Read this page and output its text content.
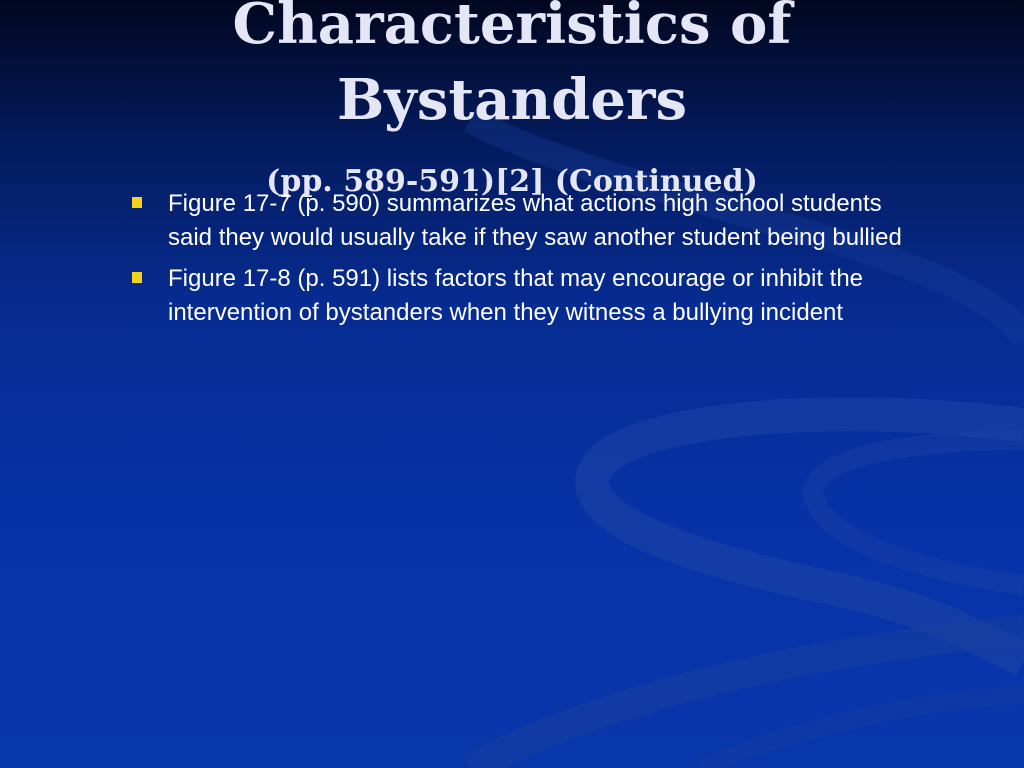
Characteristics of
Bystanders
(pp. 589-591)[2] (Continued)
Figure 17-7 (p. 590) summarizes what actions high school students said they would usually take if they saw another student being bullied
Figure 17-8 (p. 591) lists factors that may encourage or inhibit the intervention of bystanders when they witness a bullying incident
